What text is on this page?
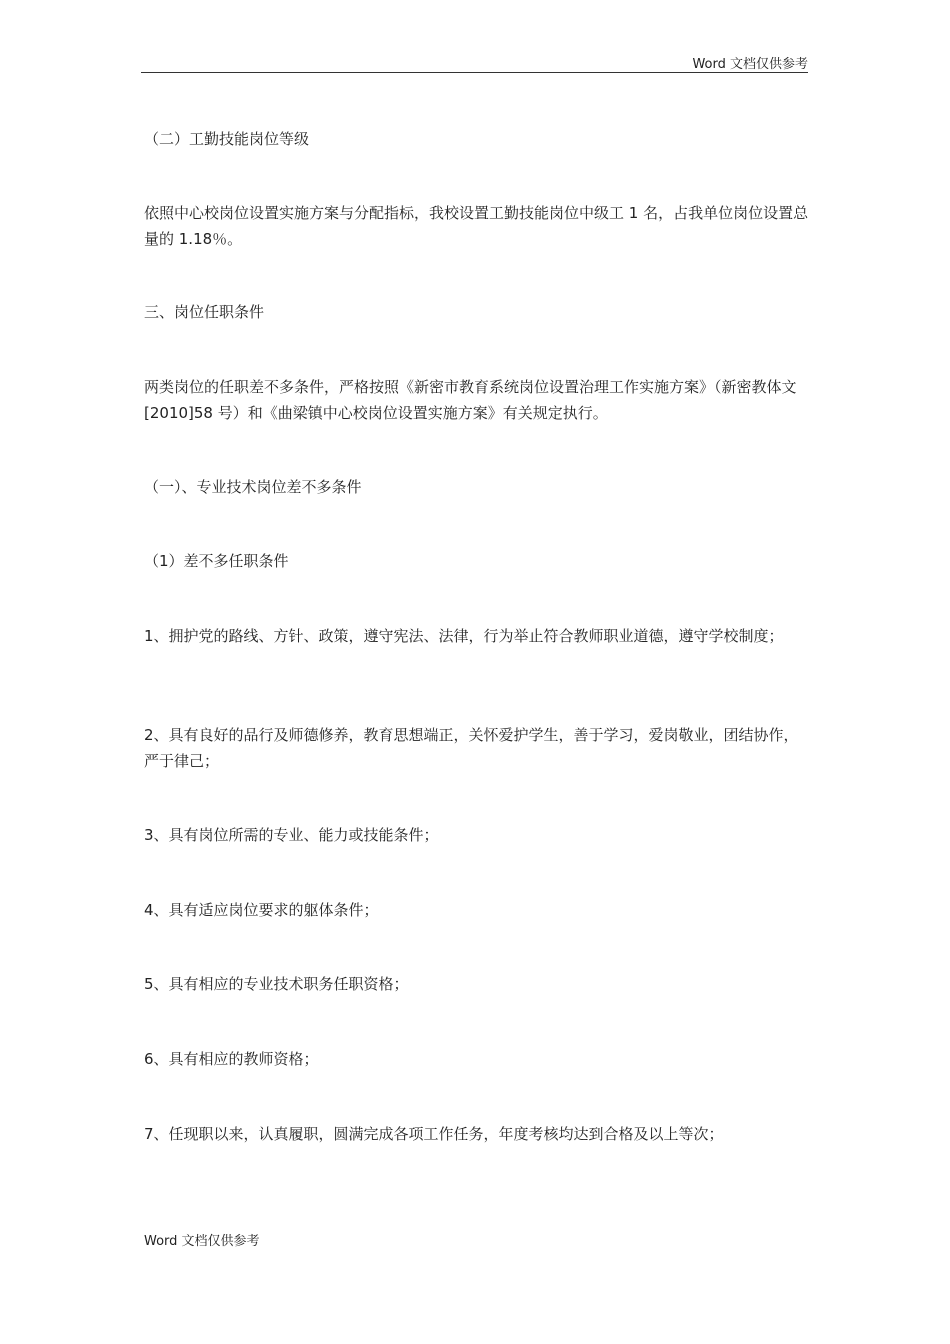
Word 文档仅供参考

（二）工勤技能岗位等级

依照中心校岗位设置实施方案与分配指标，我校设置工勤技能岗位中级工 1 名，占我单位岗位设置总量的 1.18％。

三、岗位任职条件

两类岗位的任职差不多条件，严格按照《新密市教育系统岗位设置治理工作实施方案》（新密教体文[2010]58 号）和《曲梁镇中心校岗位设置实施方案》有关规定执行。

（一）、专业技术岗位差不多条件

（1）差不多任职条件

1、拥护党的路线、方针、政策，遵守宪法、法律，行为举止符合教师职业道德，遵守学校制度；

2、具有良好的品行及师德修养，教育思想端正，关怀爱护学生，善于学习，爱岗敬业，团结协作，严于律己；

3、具有岗位所需的专业、能力或技能条件；

4、具有适应岗位要求的躯体条件；

5、具有相应的专业技术职务任职资格；

6、具有相应的教师资格；

7、任现职以来，认真履职，圆满完成各项工作任务，年度考核均达到合格及以上等次；

Word 文档仅供参考
